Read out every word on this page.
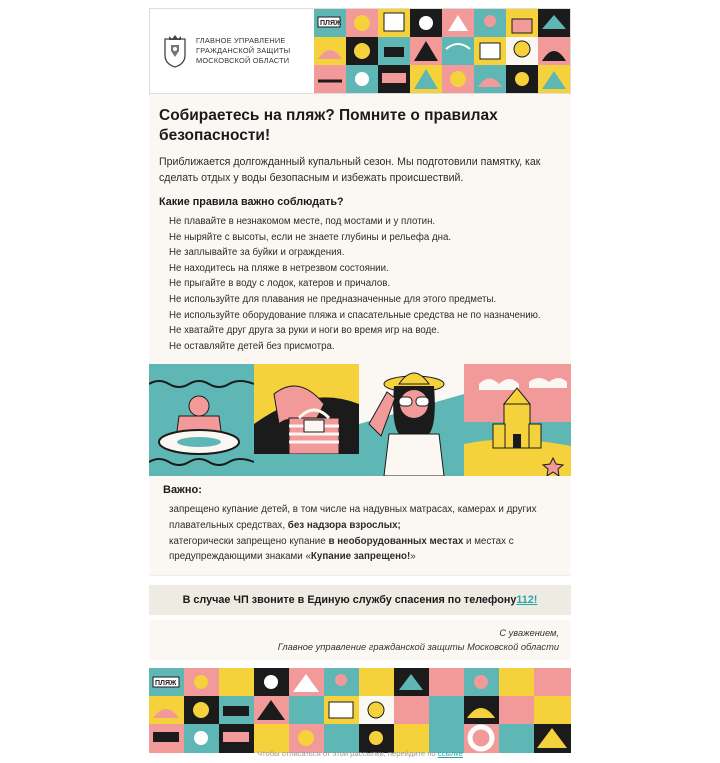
ГЛАВНОЕ УПРАВЛЕНИЕ
ГРАЖДАНСКОЙ ЗАЩИТЫ
МОСКОВСКОЙ ОБЛАСТИ
ПЛЯЖ
Собираетесь на пляж? Помните о правилах безопасности!

Приближается долгожданный купальный сезон. Мы подготовили памятку, как сделать отдых у воды безопасным и избежать происшествий.

Какие правила важно соблюдать?
Не плавайте в незнакомом месте, под мостами и у плотин.
Не ныряйте с высоты, если не знаете глубины и рельефа дна.
Не заплывайте за буйки и ограждения.
Не находитесь на пляже в нетрезвом состоянии.
Не прыгайте в воду с лодок, катеров и причалов.
Не используйте для плавания не предназначенные для этого предметы.
Не используйте оборудование пляжа и спасательные средства не по назначению.
Не хватайте друг друга за руки и ноги во время игр на воде.
Не оставляйте детей без присмотра.
Важно:

запрещено купание детей, в том числе на надувных матрасах, камерах и других плавательных средствах, без надзора взрослых;

категорически запрещено купание в необорудованных местах и местах с предупреждающими знаками «Купание запрещено!»

В случае ЧП звоните в Единую службу спасения по телефону 112!
С уважением,
Главное управление гражданской защиты Московской области
ПЛЯЖ
Чтобы отписаться от этой рассылки, перейдите по ссылке
